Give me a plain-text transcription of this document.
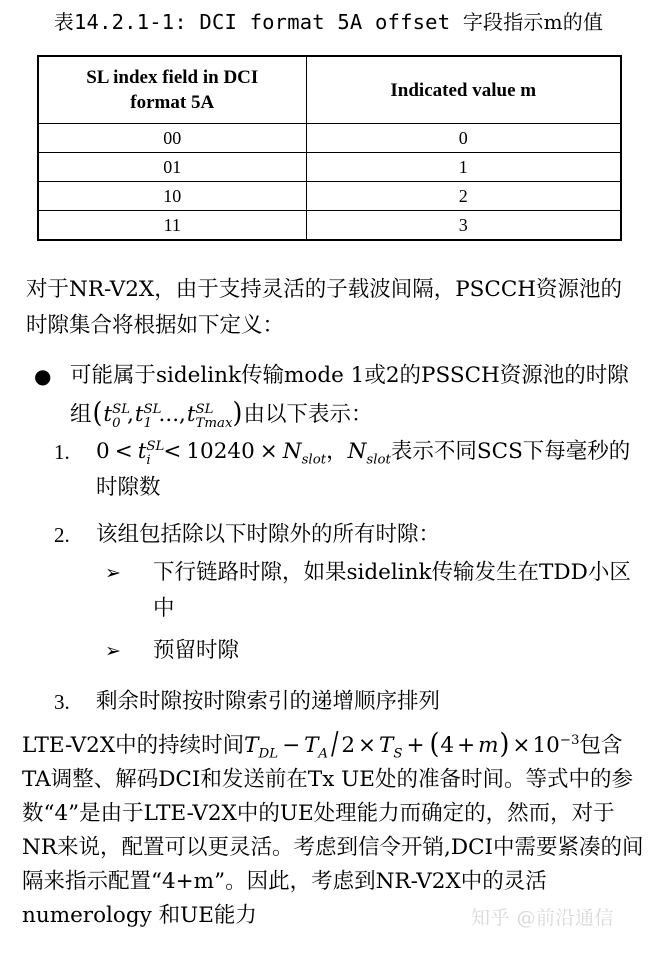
表14.2.1-1: DCI format 5A offset 字段指示m的值
SL index field in DCI
format 5A	Indicated value m
00	0
01	1
10	2
11	3
对于NR-V2X，由于支持灵活的子载波间隔，PSCCH资源池的时隙集合将根据如下定义：
● 可能属于sidelink传输mode 1或2的PSSCH资源池的时隙组(t SL
0 ,t SL
1 ...,t SL
Tmax )由以下表示：
1.	0 < t SL
$i < 10240 \times N_{slot}$，$N_{slot}$表示不同SCS下每毫秒的时隙数
2.	该组包括除以下时隙外的所有时隙：
➢	下行链路时隙，如果sidelink传输发生在TDD小区中
➢	预留时隙
3.	剩余时隙按时隙索引的递增顺序排列
LTE-V2X中的持续时间$T_{DL} - T_A / 2 \times T_S + (4 + m) \times 10^{-3}$包含TA调整、解码DCI和发送前在Tx UE处的准备时间。等式中的参数“4”是由于LTE-V2X中的UE处理能力而确定的，然而，对于NR来说，配置可以更灵活。考虑到信令开销,DCI中需要紧凑的间隔来指示配置“4+m”。因此，考虑到NR-V2X中的灵活numerology 和UE能力	知乎 @前沿通信
